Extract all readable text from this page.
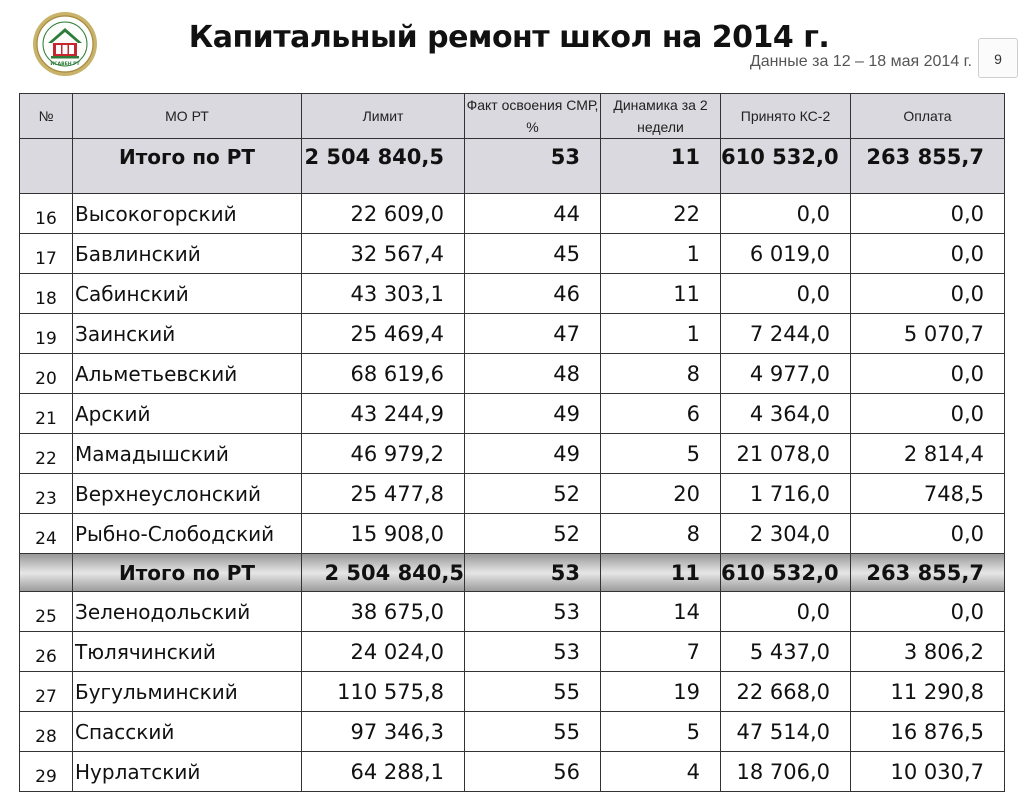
ИСАВЕН РТ
Капитальный ремонт школ на 2014 г.
Данные за 12 – 18 мая 2014 г.	9
№	МО РТ	Лимит	Факт освоения СМР, %	Динамика за 2 недели	Принято КС-2	Оплата
	Итого по РТ	2 504 840,5	53	11	610 532,0	263 855,7
16	Высокогорский	22 609,0	44	22	0,0	0,0
17	Бавлинский	32 567,4	45	1	6 019,0	0,0
18	Сабинский	43 303,1	46	11	0,0	0,0
19	Заинский	25 469,4	47	1	7 244,0	5 070,7
20	Альметьевский	68 619,6	48	8	4 977,0	0,0
21	Арский	43 244,9	49	6	4 364,0	0,0
22	Мамадышский	46 979,2	49	5	21 078,0	2 814,4
23	Верхнеуслонский	25 477,8	52	20	1 716,0	748,5
24	Рыбно-Слободский	15 908,0	52	8	2 304,0	0,0
	Итого по РТ	2 504 840,5	53	11	610 532,0	263 855,7
25	Зеленодольский	38 675,0	53	14	0,0	0,0
26	Тюлячинский	24 024,0	53	7	5 437,0	3 806,2
27	Бугульминский	110 575,8	55	19	22 668,0	11 290,8
28	Спасский	97 346,3	55	5	47 514,0	16 876,5
29	Нурлатский	64 288,1	56	4	18 706,0	10 030,7
